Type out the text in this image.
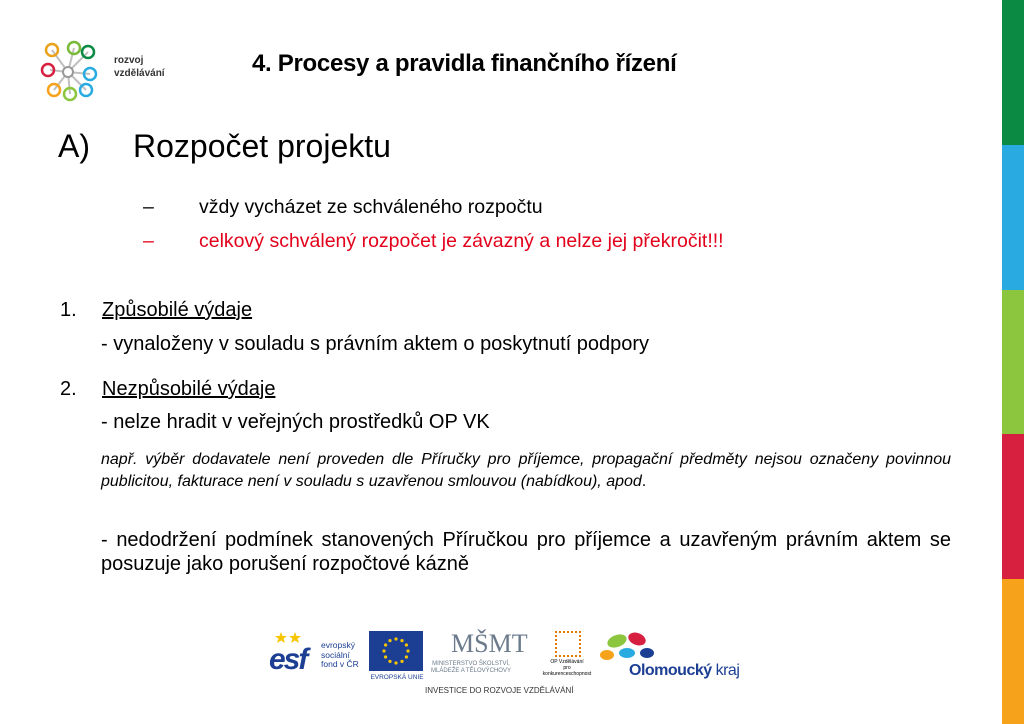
rozvoj
vzdělávání	4. Procesy a pravidla finančního řízení
A) Rozpočet projektu
– vždy vycházet ze schváleného rozpočtu
– celkový schválený rozpočet je závazný a nelze jej překročit!!!
1. Způsobilé výdaje
- vynaloženy v souladu s právním aktem o poskytnutí podpory
2. Nezpůsobilé výdaje
- nelze hradit v veřejných prostředků OP VK
např. výběr dodavatele není proveden dle Příručky pro příjemce, propagační předměty nejsou označeny povinnou publicitou, fakturace není v souladu s uzavřenou smlouvou (nabídkou), apod.
- nedodržení podmínek stanovených Příručkou pro příjemce a uzavřeným právním aktem se posuzuje jako porušení rozpočtové kázně
esf evropský
sociální
fond v ČR
EVROPSKÁ UNIE
MŠMT
MINISTERSTVO ŠKOLSTVÍ,
MLÁDEŽE A TĚLOVÝCHOVY
OP Vzdělávání
pro konkurenceschopnost Olomoucký kraj
INVESTICE DO ROZVOJE VZDĚLÁVÁNÍ
